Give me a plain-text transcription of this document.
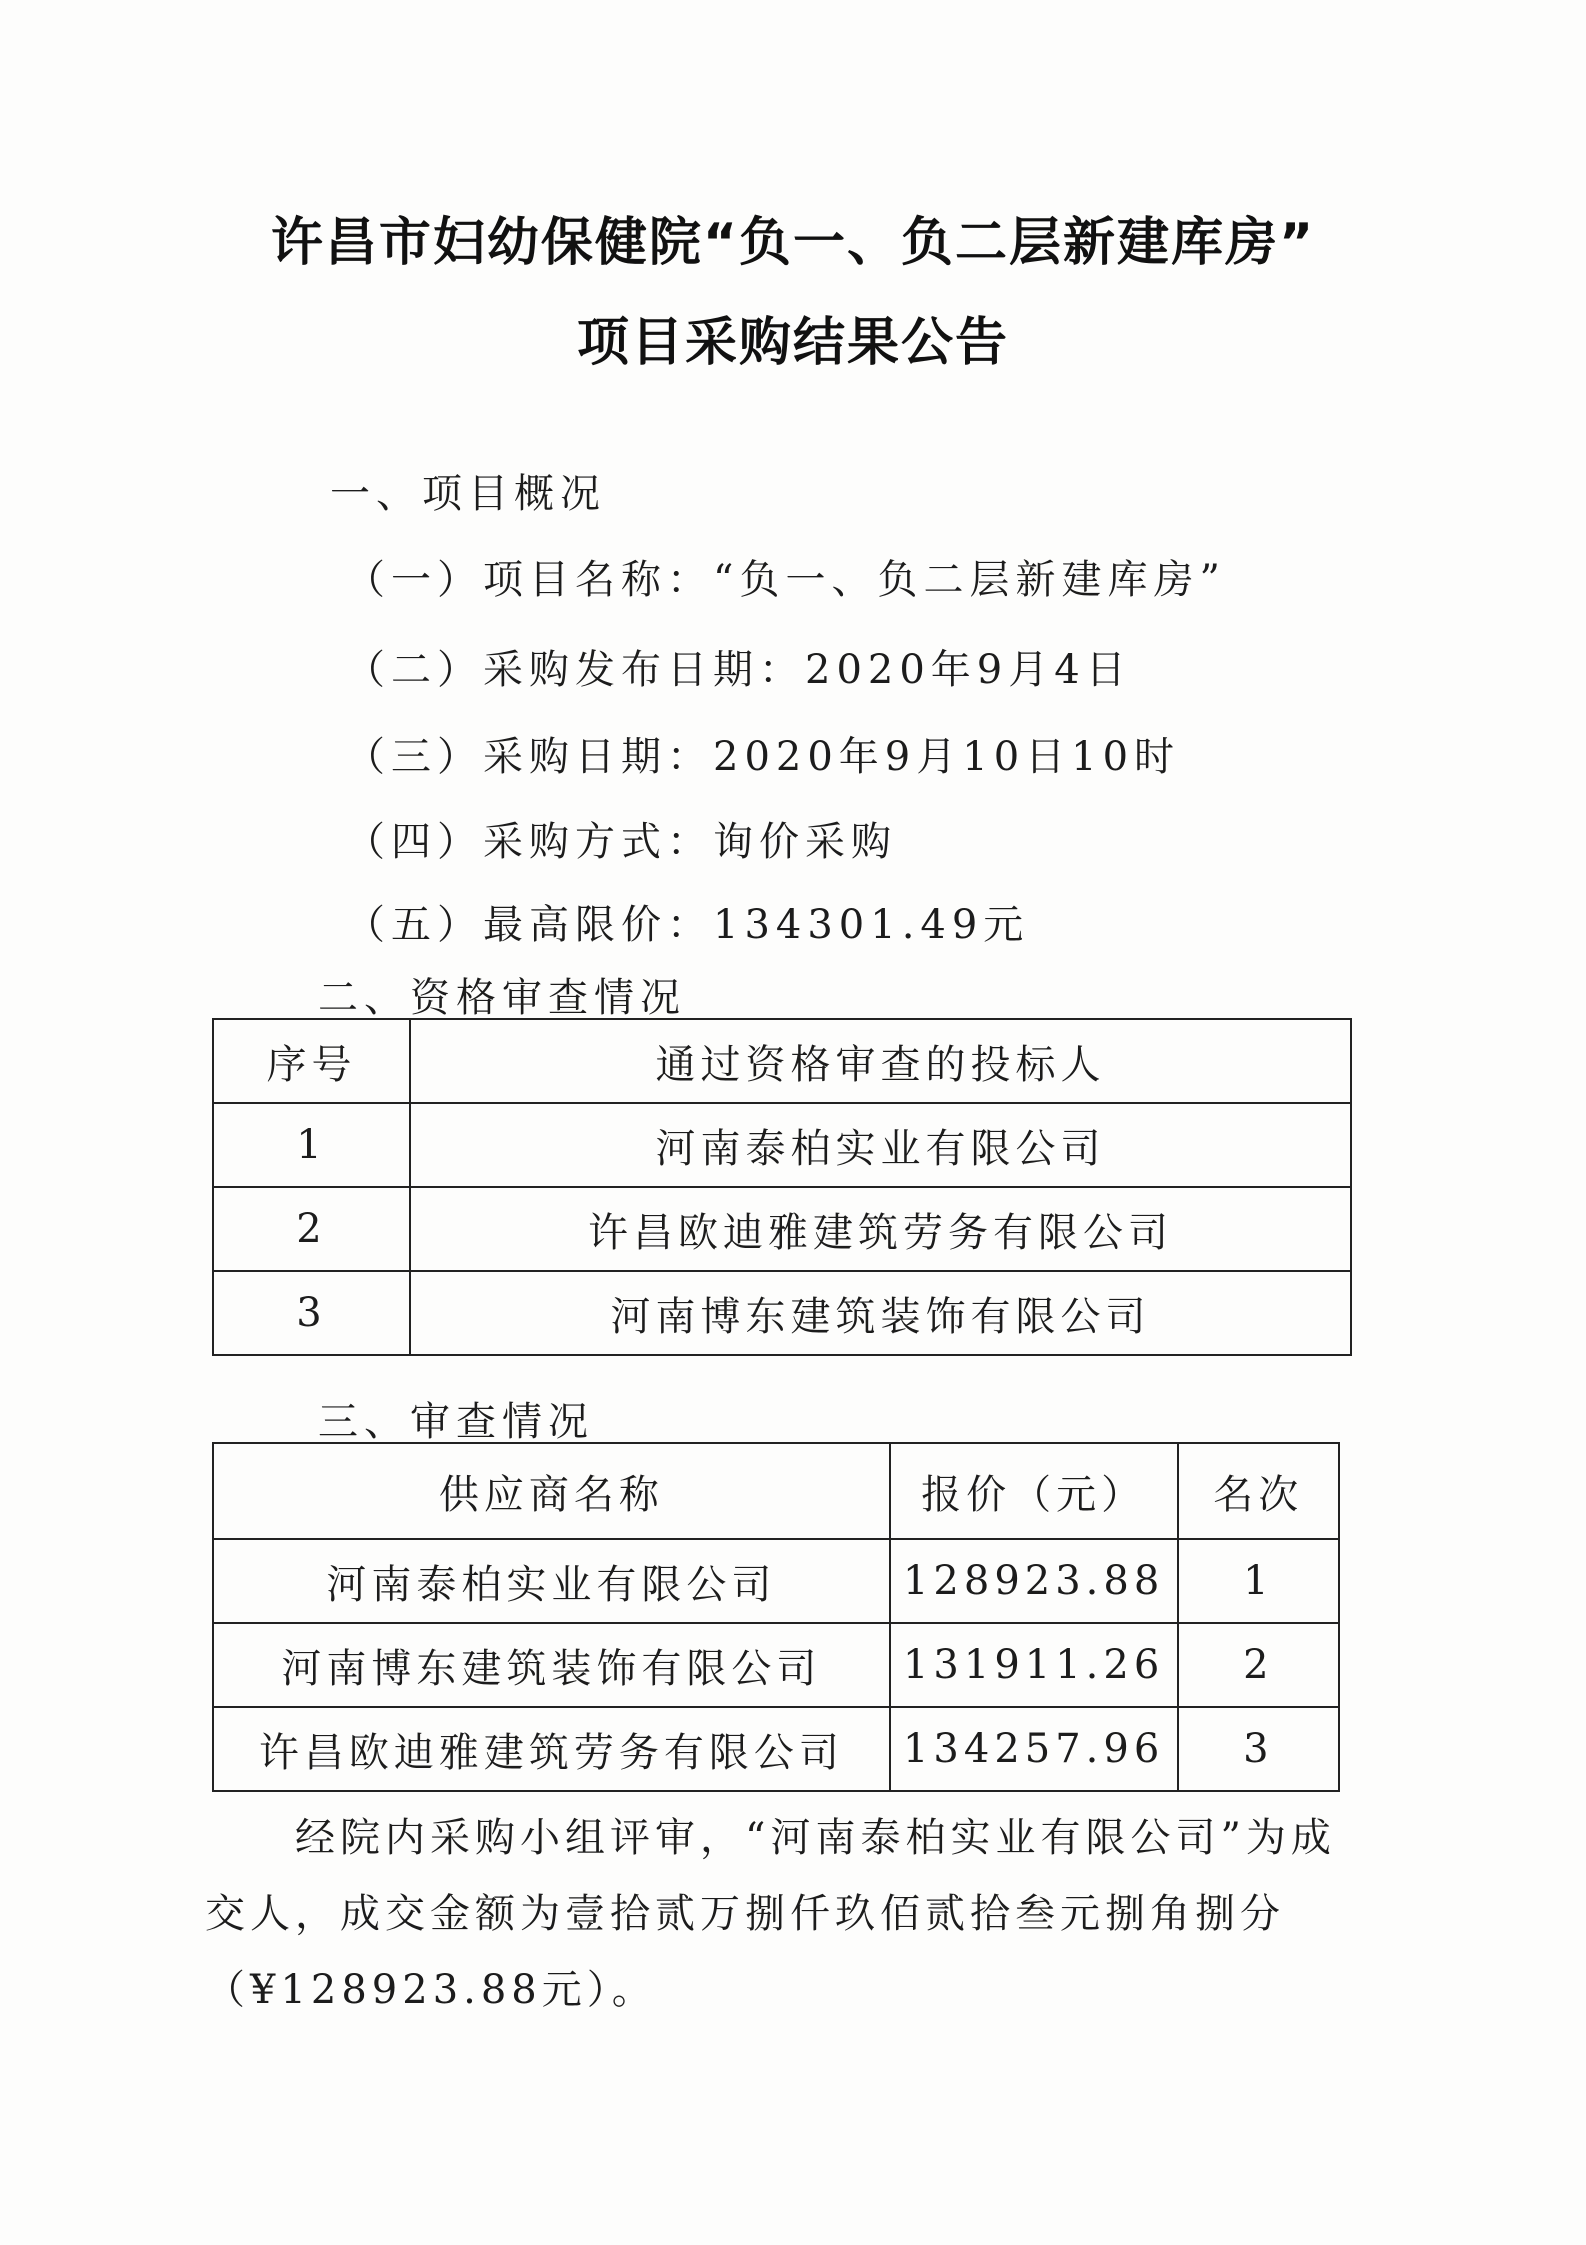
许昌市妇幼保健院“负一、负二层新建库房”
项目采购结果公告
一、项目概况
（一）项目名称：“负一、负二层新建库房”
（二）采购发布日期：2020年9月4日
（三）采购日期：2020年9月10日10时
（四）采购方式：询价采购
（五）最高限价：134301.49元
二、资格审查情况
序号	通过资格审查的投标人
1	河南泰柏实业有限公司
2	许昌欧迪雅建筑劳务有限公司
3	河南博东建筑装饰有限公司
三、审查情况
供应商名称	报价（元）	名次
河南泰柏实业有限公司	128923.88	1
河南博东建筑装饰有限公司	131911.26	2
许昌欧迪雅建筑劳务有限公司	134257.96	3
经院内采购小组评审，“河南泰柏实业有限公司”为成交人，成交金额为壹拾贰万捌仟玖佰贰拾叁元捌角捌分（¥128923.88元）。
